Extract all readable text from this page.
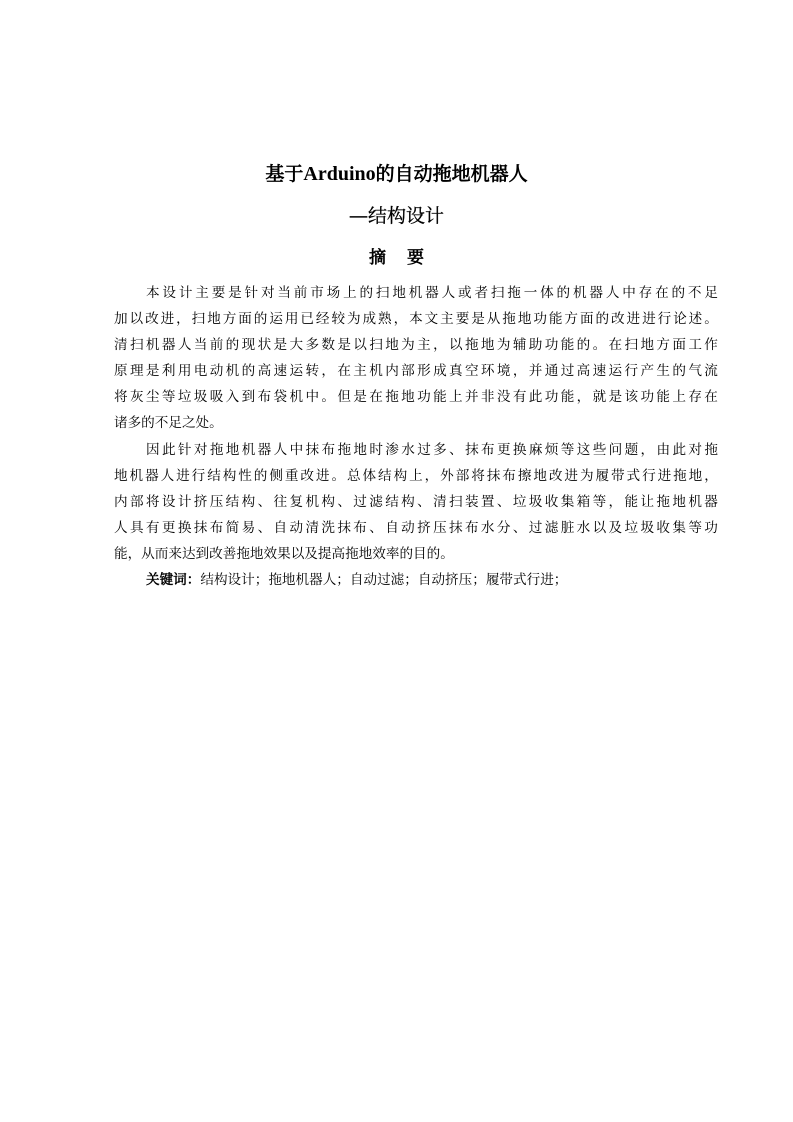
基于Arduino的自动拖地机器人
—结构设计
摘要
本 设 计 主 要 是 针 对 当 前 市 场 上 的 扫 地 机 器 人 或 者 扫 拖 一 体 的 机 器 人 中 存 在 的 不 足
加 以 改 进 ， 扫 地 方 面 的 运 用 已 经 较 为 成 熟 ， 本 文 主 要 是 从 拖 地 功 能 方 面 的 改 进 进 行 论 述 。
清 扫 机 器 人 当 前 的 现 状 是 大 多 数 是 以 扫 地 为 主 ， 以 拖 地 为 辅 助 功 能 的 。 在 扫 地 方 面 工 作
原 理 是 利 用 电 动 机 的 高 速 运 转 ， 在 主 机 内 部 形 成 真 空 环 境 ， 并 通 过 高 速 运 行 产 生 的 气 流
将 灰 尘 等 垃 圾 吸 入 到 布 袋 机 中 。 但 是 在 拖 地 功 能 上 并 非 没 有 此 功 能 ， 就 是 该 功 能 上 存 在
诸多的不足之处。
因 此 针 对 拖 地 机 器 人 中 抹 布 拖 地 时 渗 水 过 多 、 抹 布 更 换 麻 烦 等 这 些 问 题 ， 由 此 对 拖
地 机 器 人 进 行 结 构 性 的 侧 重 改 进 。 总 体 结 构 上 ， 外 部 将 抹 布 擦 地 改 进 为 履 带 式 行 进 拖 地 ，
内 部 将 设 计 挤 压 结 构 、 往 复 机 构 、 过 滤 结 构 、 清 扫 装 置 、 垃 圾 收 集 箱 等 ， 能 让 拖 地 机 器
人 具 有 更 换 抹 布 简 易 、 自 动 清 洗 抹 布 、 自 动 挤 压 抹 布 水 分 、 过 滤 脏 水 以 及 垃 圾 收 集 等 功
能，从而来达到改善拖地效果以及提高拖地效率的目的。
关键词：结构设计；拖地机器人；自动过滤；自动挤压；履带式行进；
